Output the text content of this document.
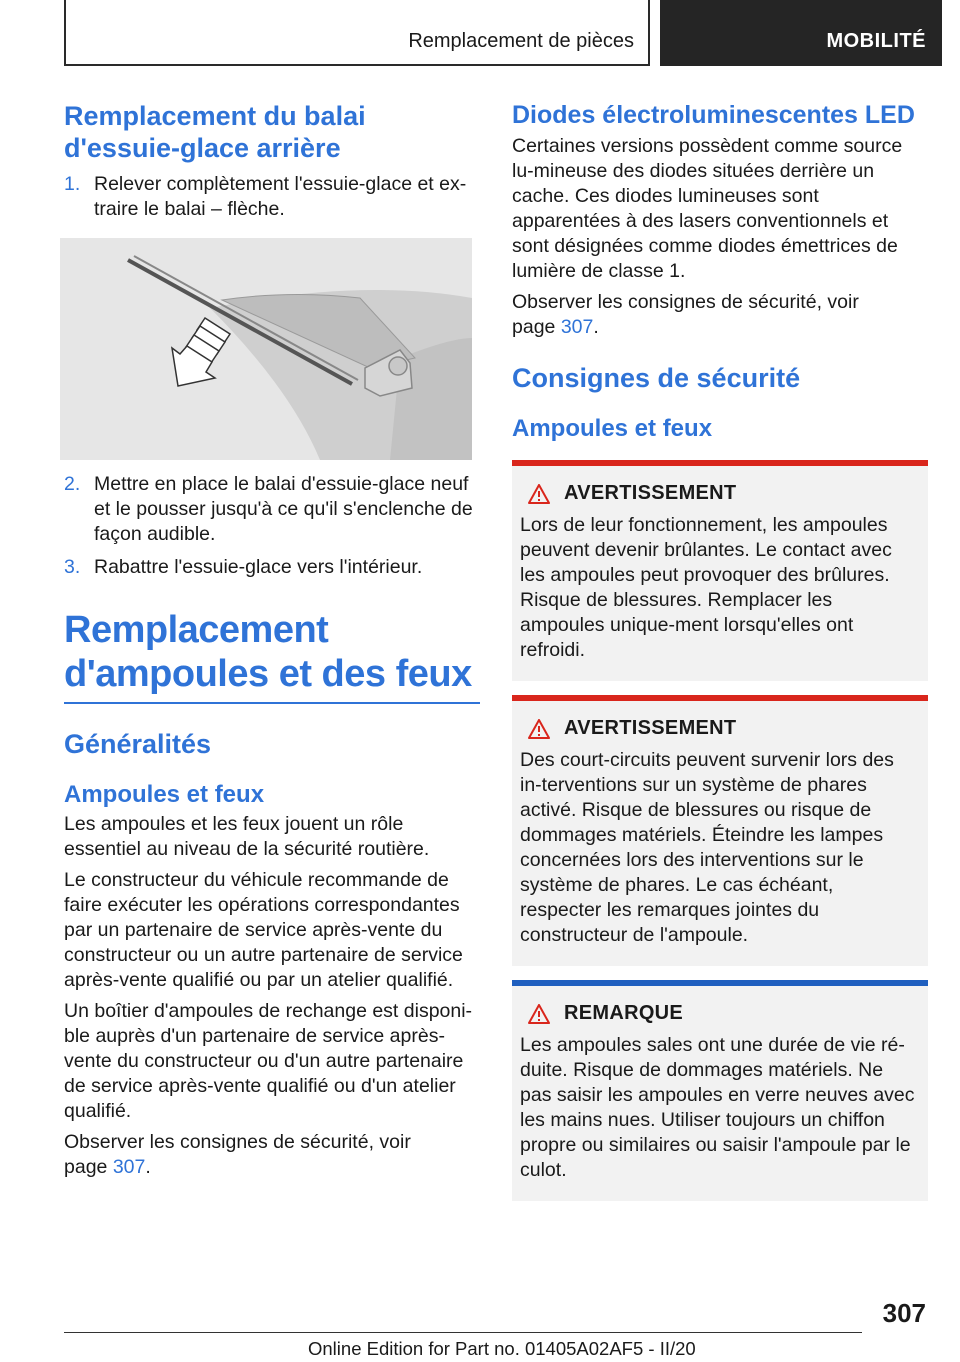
Remplacement de pièces	MOBILITÉ
Remplacement du balai d'essuie-glace arrière
1. Relever complètement l'essuie-glace et ex-traire le balai – flèche.
2. Mettre en place le balai d'essuie-glace neuf et le pousser jusqu'à ce qu'il s'enclenche de façon audible.
3. Rabattre l'essuie-glace vers l'intérieur.
Remplacement d'ampoules et des feux
Généralités
Ampoules et feux

Les ampoules et les feux jouent un rôle essentiel au niveau de la sécurité routière.

Le constructeur du véhicule recommande de faire exécuter les opérations correspondantes par un partenaire de service après-vente du constructeur ou un autre partenaire de service après-vente qualifié ou par un atelier qualifié.

Un boîtier d'ampoules de rechange est disponi-ble auprès d'un partenaire de service après-vente du constructeur ou d'un autre partenaire de service après-vente qualifié ou d'un atelier qualifié.

Observer les consignes de sécurité, voir page 307.

Diodes électroluminescentes LED

Certaines versions possèdent comme source lu-mineuse des diodes situées derrière un cache. Ces diodes lumineuses sont apparentées à des lasers conventionnels et sont désignées comme diodes émettrices de lumière de classe 1.

Observer les consignes de sécurité, voir page 307.

Consignes de sécurité
Ampoules et feux
AVERTISSEMENT

Lors de leur fonctionnement, les ampoules peuvent devenir brûlantes. Le contact avec les ampoules peut provoquer des brûlures. Risque de blessures. Remplacer les ampoules unique-ment lorsqu'elles ont refroidi.

AVERTISSEMENT

Des court-circuits peuvent survenir lors des in-terventions sur un système de phares activé. Risque de blessures ou risque de dommages matériels. Éteindre les lampes concernées lors des interventions sur le système de phares. Le cas échéant, respecter les remarques jointes du constructeur de l'ampoule.

REMARQUE

Les ampoules sales ont une durée de vie ré-duite. Risque de dommages matériels. Ne pas saisir les ampoules en verre neuves avec les mains nues. Utiliser toujours un chiffon propre ou similaires ou saisir l'ampoule par le culot.

307
Online Edition for Part no. 01405A02AF5 - II/20
